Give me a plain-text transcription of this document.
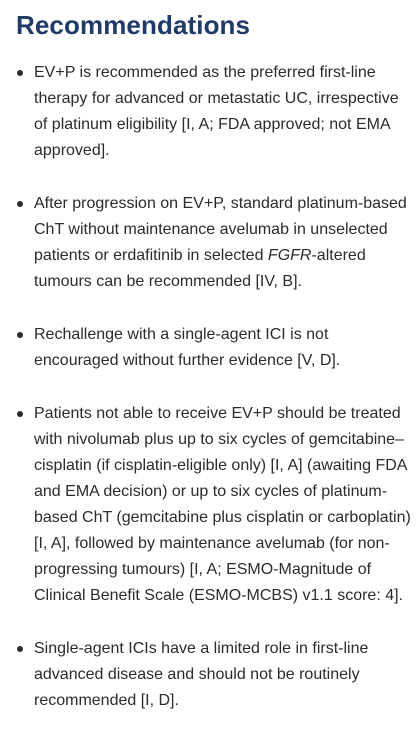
Recommendations
EV+P is recommended as the preferred first-line
therapy for advanced or metastatic UC, irrespective
of platinum eligibility [I, A; FDA approved; not EMA
approved].
After progression on EV+P, standard platinum-based
ChT without maintenance avelumab in unselected
patients or erdafitinib in selected FGFR-altered
tumours can be recommended [IV, B].
Rechallenge with a single-agent ICI is not
encouraged without further evidence [V, D].
Patients not able to receive EV+P should be treated
with nivolumab plus up to six cycles of gemcitabine–
cisplatin (if cisplatin-eligible only) [I, A] (awaiting FDA
and EMA decision) or up to six cycles of platinum-
based ChT (gemcitabine plus cisplatin or carboplatin)
[I, A], followed by maintenance avelumab (for non-
progressing tumours) [I, A; ESMO-Magnitude of
Clinical Benefit Scale (ESMO-MCBS) v1.1 score: 4].
Single-agent ICIs have a limited role in first-line
advanced disease and should not be routinely
recommended [I, D].
